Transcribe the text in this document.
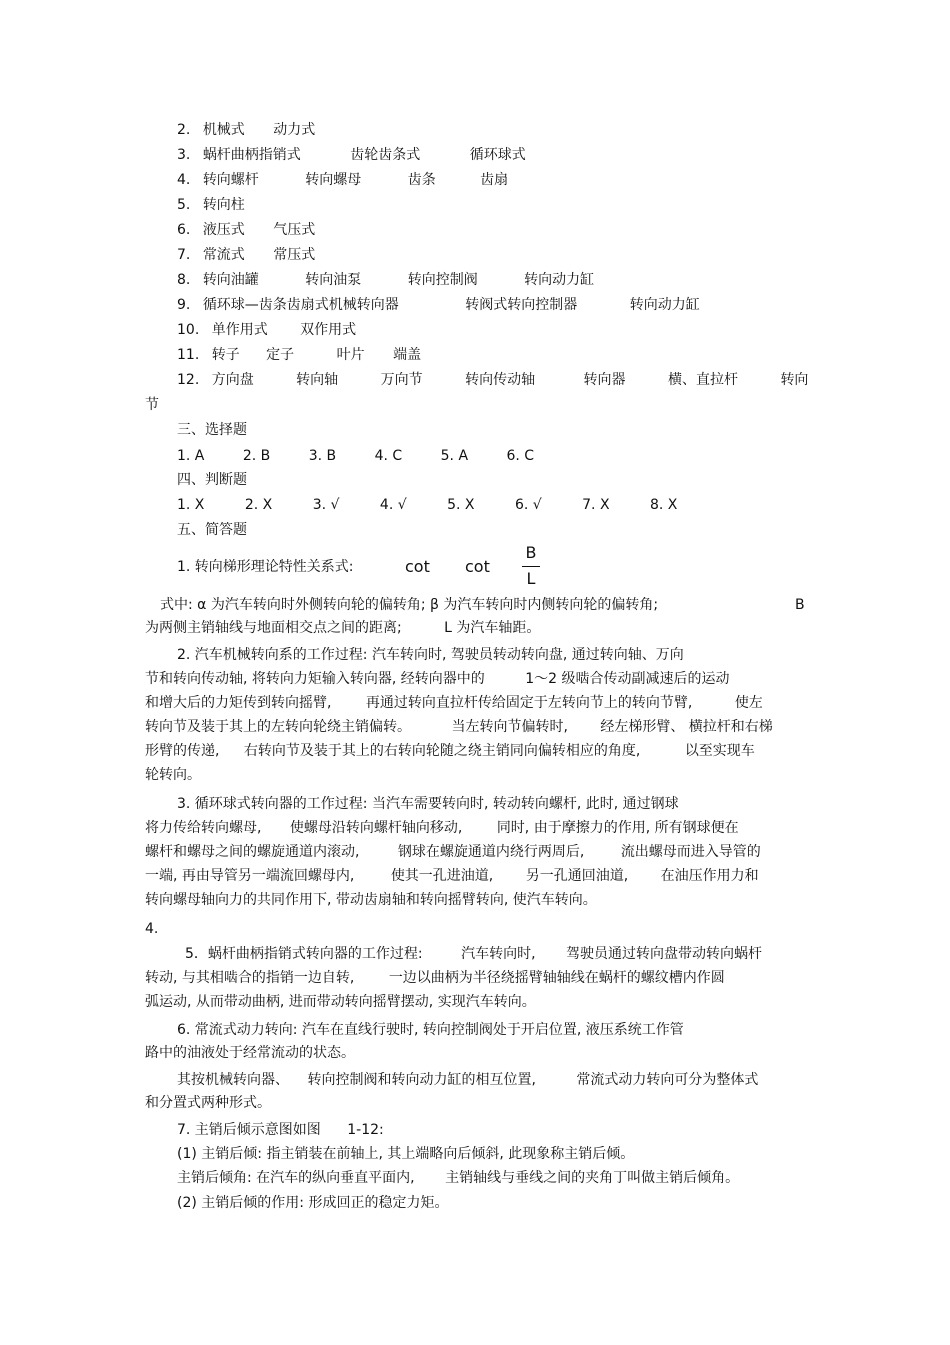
2. 机械式 动力式
3. 蜗杆曲柄指销式	齿轮齿条式	循环球式
4. 转向螺杆	转向螺母	齿条	齿扇
5. 转向柱
6. 液压式 气压式
7. 常流式 常压式
8. 转向油罐	转向油泵	转向控制阀	转向动力缸
9. 循环球—齿条齿扇式机械转向器	转阀式转向控制器	转向动力缸
10. 单作用式 双作用式
11. 转子 定子	叶片 端盖
12. 方向盘	转向轴	万向节	转向传动轴	转向器	横、直拉杆	转向
节
三、选择题
1. A	2. B	3. B	4. C	5. A	6. C
四、判断题
1. X	2. X	3. √	4. √	5. X	6. √	7. X	8. X
五、简答题
1. 转向梯形理论特性关系式:	cot cot
B
L
式中: α 为汽车转向时外侧转向轮的偏转角; β 为汽车转向时内侧转向轮的偏转角;	B
为两侧主销轴线与地面相交点之间的距离;	L 为汽车轴距。
2. 汽车机械转向系的工作过程: 汽车转向时, 驾驶员转动转向盘, 通过转向轴、万向
节和转向传动轴, 将转向力矩输入转向器, 经转向器中的	1～2 级啮合传动副减速后的运动
和增大后的力矩传到转向摇臂, 再通过转向直拉杆传给固定于左转向节上的转向节臂,	使左
转向节及装于其上的左转向轮绕主销偏转。	当左转向节偏转时, 经左梯形臂、 横拉杆和右梯
形臂的传递, 右转向节及装于其上的右转向轮随之绕主销同向偏转相应的角度,	以至实现车
轮转向。
3. 循环球式转向器的工作过程: 当汽车需要转向时, 转动转向螺杆, 此时, 通过钢球
将力传给转向螺母, 使螺母沿转向螺杆轴向移动, 同时, 由于摩擦力的作用, 所有钢球便在
螺杆和螺母之间的螺旋通道内滚动,	钢球在螺旋通道内绕行两周后,	流出螺母而进入导管的
一端, 再由导管另一端流回螺母内,	使其一孔进油道, 另一孔通回油道, 在油压作用力和
转向螺母轴向力的共同作用下, 带动齿扇轴和转向摇臂转向, 使汽车转向。
4.
5．蜗杆曲柄指销式转向器的工作过程:	汽车转向时, 驾驶员通过转向盘带动转向蜗杆
转动, 与其相啮合的指销一边自转, 一边以曲柄为半径绕摇臂轴轴线在蜗杆的螺纹槽内作圆
弧运动, 从而带动曲柄, 进而带动转向摇臂摆动, 实现汽车转向。
6. 常流式动力转向: 汽车在直线行驶时, 转向控制阀处于开启位置, 液压系统工作管
路中的油液处于经常流动的状态。
其按机械转向器、 转向控制阀和转向动力缸的相互位置,	常流式动力转向可分为整体式
和分置式两种形式。
7. 主销后倾示意图如图 1-12:
(1) 主销后倾: 指主销装在前轴上, 其上端略向后倾斜, 此现象称主销后倾。
主销后倾角: 在汽车的纵向垂直平面内, 主销轴线与垂线之间的夹角丁叫做主销后倾角。
(2) 主销后倾的作用: 形成回正的稳定力矩。
